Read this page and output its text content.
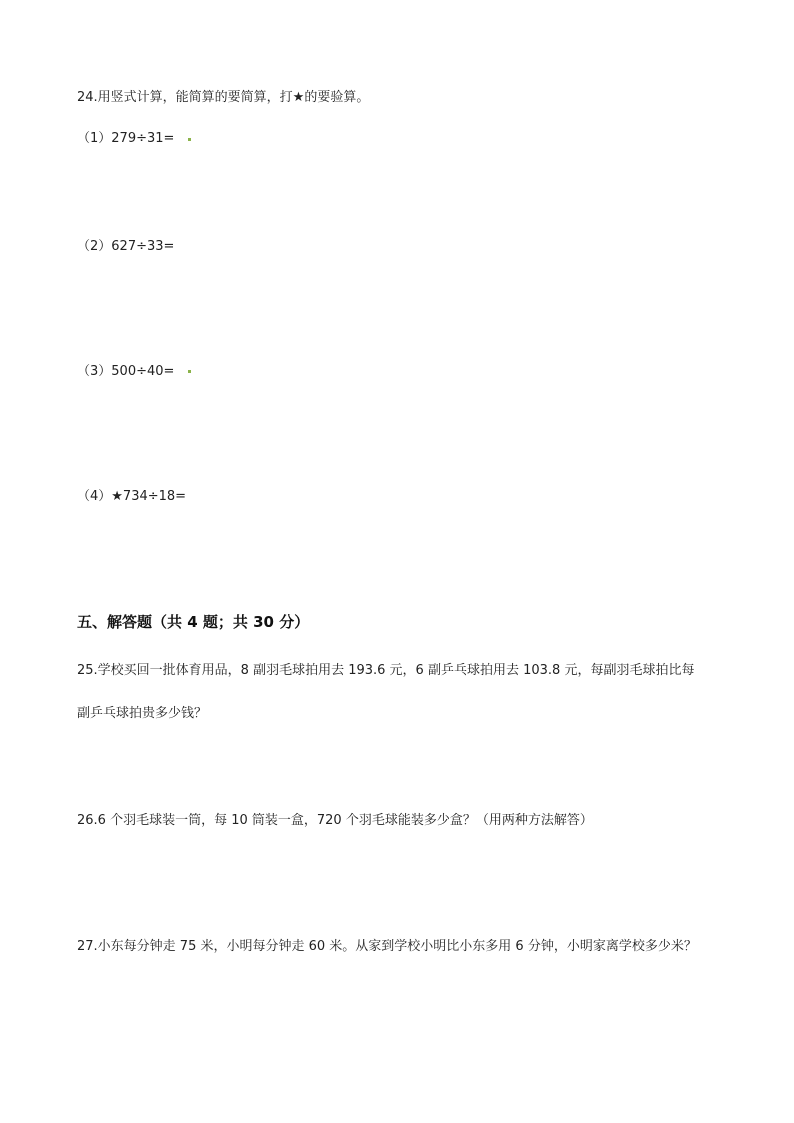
24.用竖式计算，能简算的要简算，打★的要验算。
（1）279÷31=
（2）627÷33=
（3）500÷40=
（4）★734÷18=
五、解答题（共 4 题；共 30 分）
25.学校买回一批体育用品，8 副羽毛球拍用去 193.6 元，6 副乒乓球拍用去 103.8 元，每副羽毛球拍比每
副乒乓球拍贵多少钱？
26.6 个羽毛球装一筒，每 10 筒装一盒，720 个羽毛球能装多少盒？（用两种方法解答）
27.小东每分钟走 75 米，小明每分钟走 60 米。从家到学校小明比小东多用 6 分钟，小明家离学校多少米？
